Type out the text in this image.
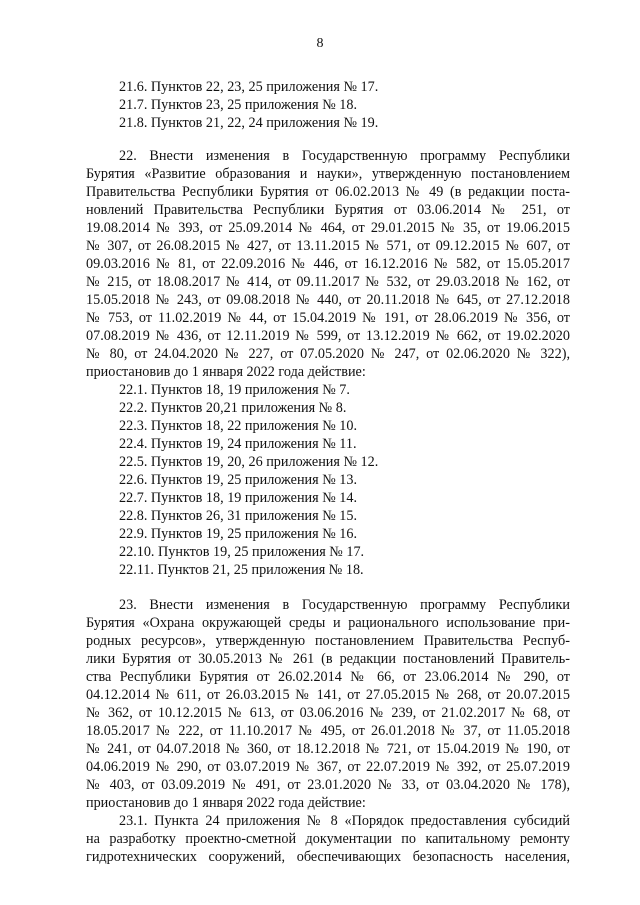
8
21.6. Пунктов 22, 23, 25 приложения № 17.
21.7. Пунктов 23, 25 приложения № 18.
21.8. Пунктов 21, 22, 24 приложения № 19.
22. Внести изменения в Государственную программу Республики
Бурятия «Развитие образования и науки», утвержденную постановлением
Правительства Республики Бурятия от 06.02.2013 № 49 (в редакции поста-
новлений Правительства Республики Бурятия от 03.06.2014 № 251, от
19.08.2014 № 393, от 25.09.2014 № 464, от 29.01.2015 № 35, от 19.06.2015
№ 307, от 26.08.2015 № 427, от 13.11.2015 № 571, от 09.12.2015 № 607, от
09.03.2016 № 81, от 22.09.2016 № 446, от 16.12.2016 № 582, от 15.05.2017
№ 215, от 18.08.2017 № 414, от 09.11.2017 № 532, от 29.03.2018 № 162, от
15.05.2018 № 243, от 09.08.2018 № 440, от 20.11.2018 № 645, от 27.12.2018
№ 753, от 11.02.2019 № 44, от 15.04.2019 № 191, от 28.06.2019 № 356, от
07.08.2019 № 436, от 12.11.2019 № 599, от 13.12.2019 № 662, от 19.02.2020
№ 80, от 24.04.2020 № 227, от 07.05.2020 № 247, от 02.06.2020 № 322),
приостановив до 1 января 2022 года действие:
22.1. Пунктов 18, 19 приложения № 7.
22.2. Пунктов 20,21 приложения № 8.
22.3. Пунктов 18, 22 приложения № 10.
22.4. Пунктов 19, 24 приложения № 11.
22.5. Пунктов 19, 20, 26 приложения № 12.
22.6. Пунктов 19, 25 приложения № 13.
22.7. Пунктов 18, 19 приложения № 14.
22.8. Пунктов 26, 31 приложения № 15.
22.9. Пунктов 19, 25 приложения № 16.
22.10. Пунктов 19, 25 приложения № 17.
22.11. Пунктов 21, 25 приложения № 18.
23. Внести изменения в Государственную программу Республики
Бурятия «Охрана окружающей среды и рационального использование при-
родных ресурсов», утвержденную постановлением Правительства Респуб-
лики Бурятия от 30.05.2013 № 261 (в редакции постановлений Правитель-
ства Республики Бурятия от 26.02.2014 № 66, от 23.06.2014 № 290, от
04.12.2014 № 611, от 26.03.2015 № 141, от 27.05.2015 № 268, от 20.07.2015
№ 362, от 10.12.2015 № 613, от 03.06.2016 № 239, от 21.02.2017 № 68, от
18.05.2017 № 222, от 11.10.2017 № 495, от 26.01.2018 № 37, от 11.05.2018
№ 241, от 04.07.2018 № 360, от 18.12.2018 № 721, от 15.04.2019 № 190, от
04.06.2019 № 290, от 03.07.2019 № 367, от 22.07.2019 № 392, от 25.07.2019
№ 403, от 03.09.2019 № 491, от 23.01.2020 № 33, от 03.04.2020 № 178),
приостановив до 1 января 2022 года действие:
23.1. Пункта 24 приложения № 8 «Порядок предоставления субсидий
на разработку проектно-сметной документации по капитальному ремонту
гидротехнических сооружений, обеспечивающих безопасность населения,
